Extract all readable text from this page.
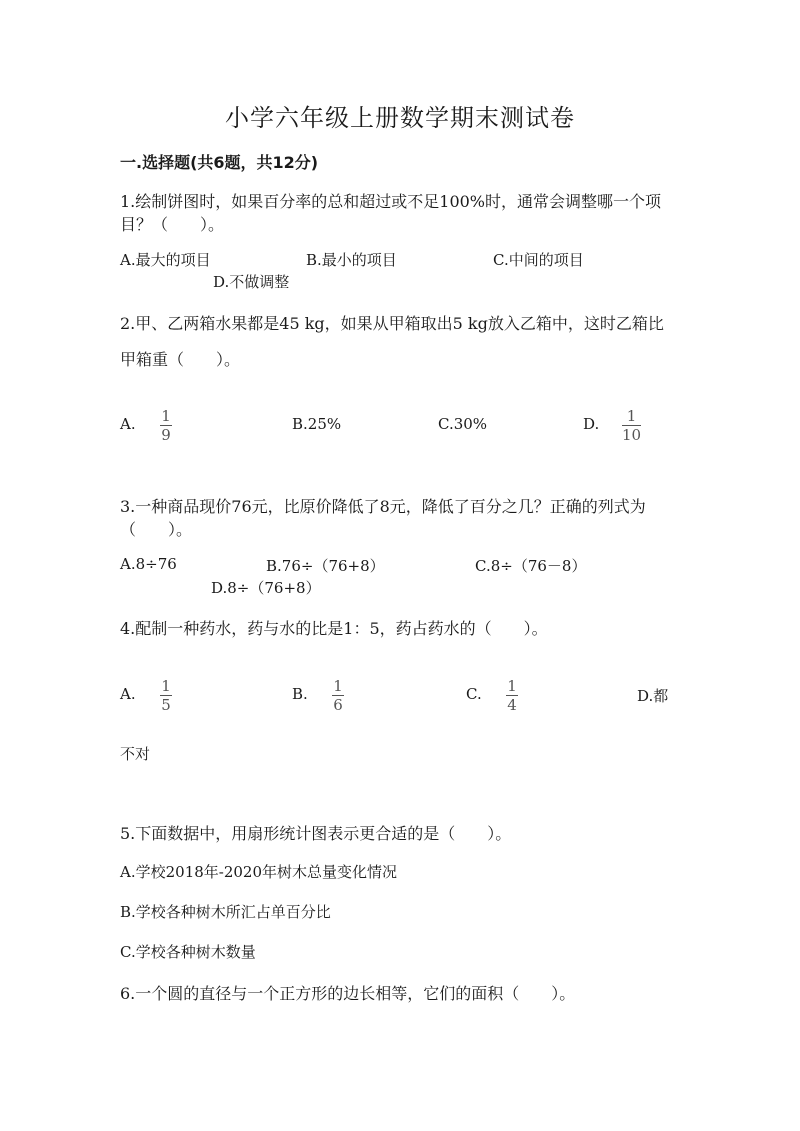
小学六年级上册数学期末测试卷
一.选择题(共6题，共12分)
1.绘制饼图时，如果百分率的总和超过或不足100%时，通常会调整哪一个项
目？（　　）。
A.最大的项目	B.最小的项目	C.中间的项目
D.不做调整
2.甲、乙两箱水果都是45 kg，如果从甲箱取出5 kg放入乙箱中，这时乙箱比
甲箱重（　　）。
A. 1
9
B.25%	C.30%	D. 1
10
3.一种商品现价76元，比原价降低了8元，降低了百分之几？正确的列式为
（　　）。
A.8÷76	B.76÷（76+8）	C.8÷（76－8）
D.8÷（76+8）
4.配制一种药水，药与水的比是1：5，药占药水的（　　）。
A. 1
5
B. 1
6
C. 1
4	D.都
不对
5.下面数据中，用扇形统计图表示更合适的是（　　）。
A.学校2018年-2020年树木总量变化情况
B.学校各种树木所汇占单百分比
C.学校各种树木数量
6.一个圆的直径与一个正方形的边长相等，它们的面积（　　）。
